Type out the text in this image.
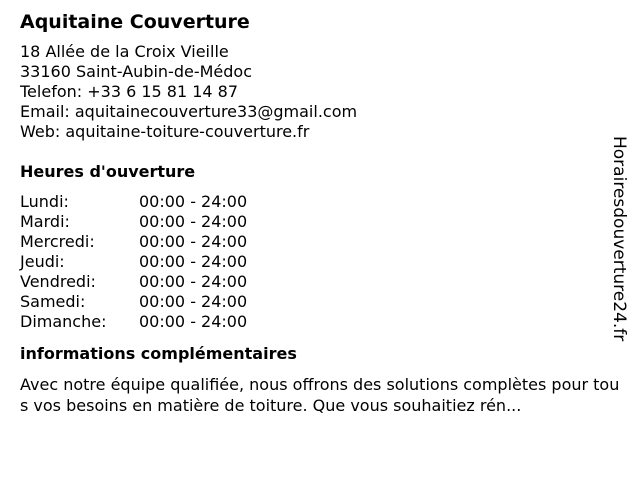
Aquitaine Couverture
18 Allée de la Croix Vieille
33160 Saint-Aubin-de-Médoc
Telefon: +33 6 15 81 14 87
Email: aquitainecouverture33@gmail.com
Web: aquitaine-toiture-couverture.fr
Heures d'ouverture
Lundi:	00:00 - 24:00
Mardi:	00:00 - 24:00
Mercredi:	00:00 - 24:00
Jeudi:	00:00 - 24:00
Vendredi:	00:00 - 24:00
Samedi:	00:00 - 24:00
Dimanche:	00:00 - 24:00
informations complémentaires
Avec notre équipe qualifiée, nous offrons des solutions complètes pour tous vos besoins en matière de toiture. Que vous souhaitiez rén...
Horairesdouverture24.fr
